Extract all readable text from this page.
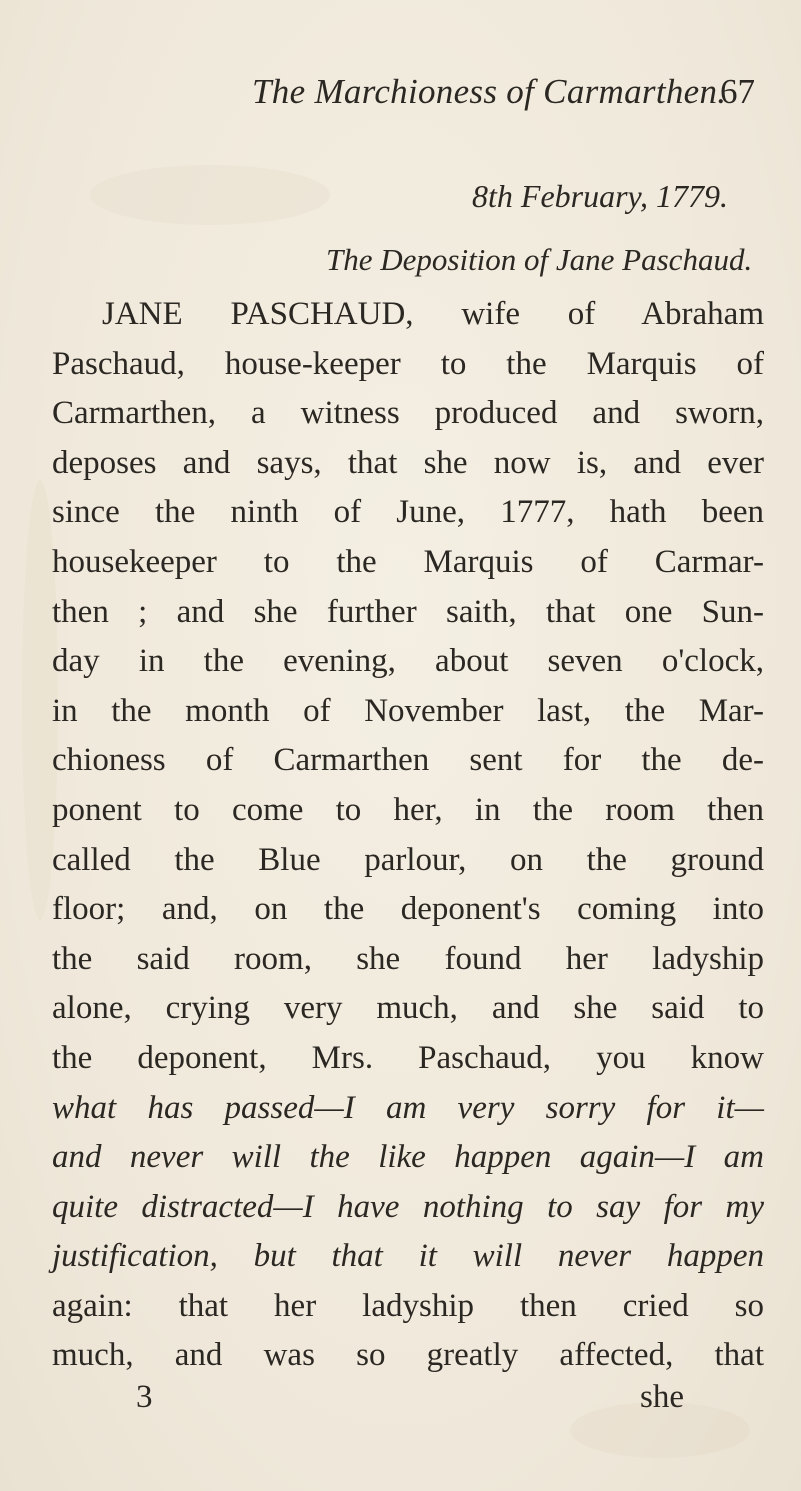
The Marchioness of Carmarthen.
67
8th February, 1779.
The Deposition of Jane Paschaud.
JANE PASCHAUD, wife of Abraham
Paschaud, house-keeper to the Marquis of
Carmarthen, a witness produced and sworn,
deposes and says, that she now is, and ever
since the ninth of June, 1777, hath been
housekeeper to the Marquis of Carmar-
then ; and she further saith, that one Sun-
day in the evening, about seven o'clock,
in the month of November last, the Mar-
chioness of Carmarthen sent for the de-
ponent to come to her, in the room then
called the Blue parlour, on the ground
floor; and, on the deponent's coming into
the said room, she found her ladyship
alone, crying very much, and she said to
the deponent, Mrs. Paschaud, you know
what has passed—I am very sorry for it—
and never will the like happen again—I am
quite distracted—I have nothing to say for my
justification, but that it will never happen
again: that her ladyship then cried so
much, and was so greatly affected, that
3	she
